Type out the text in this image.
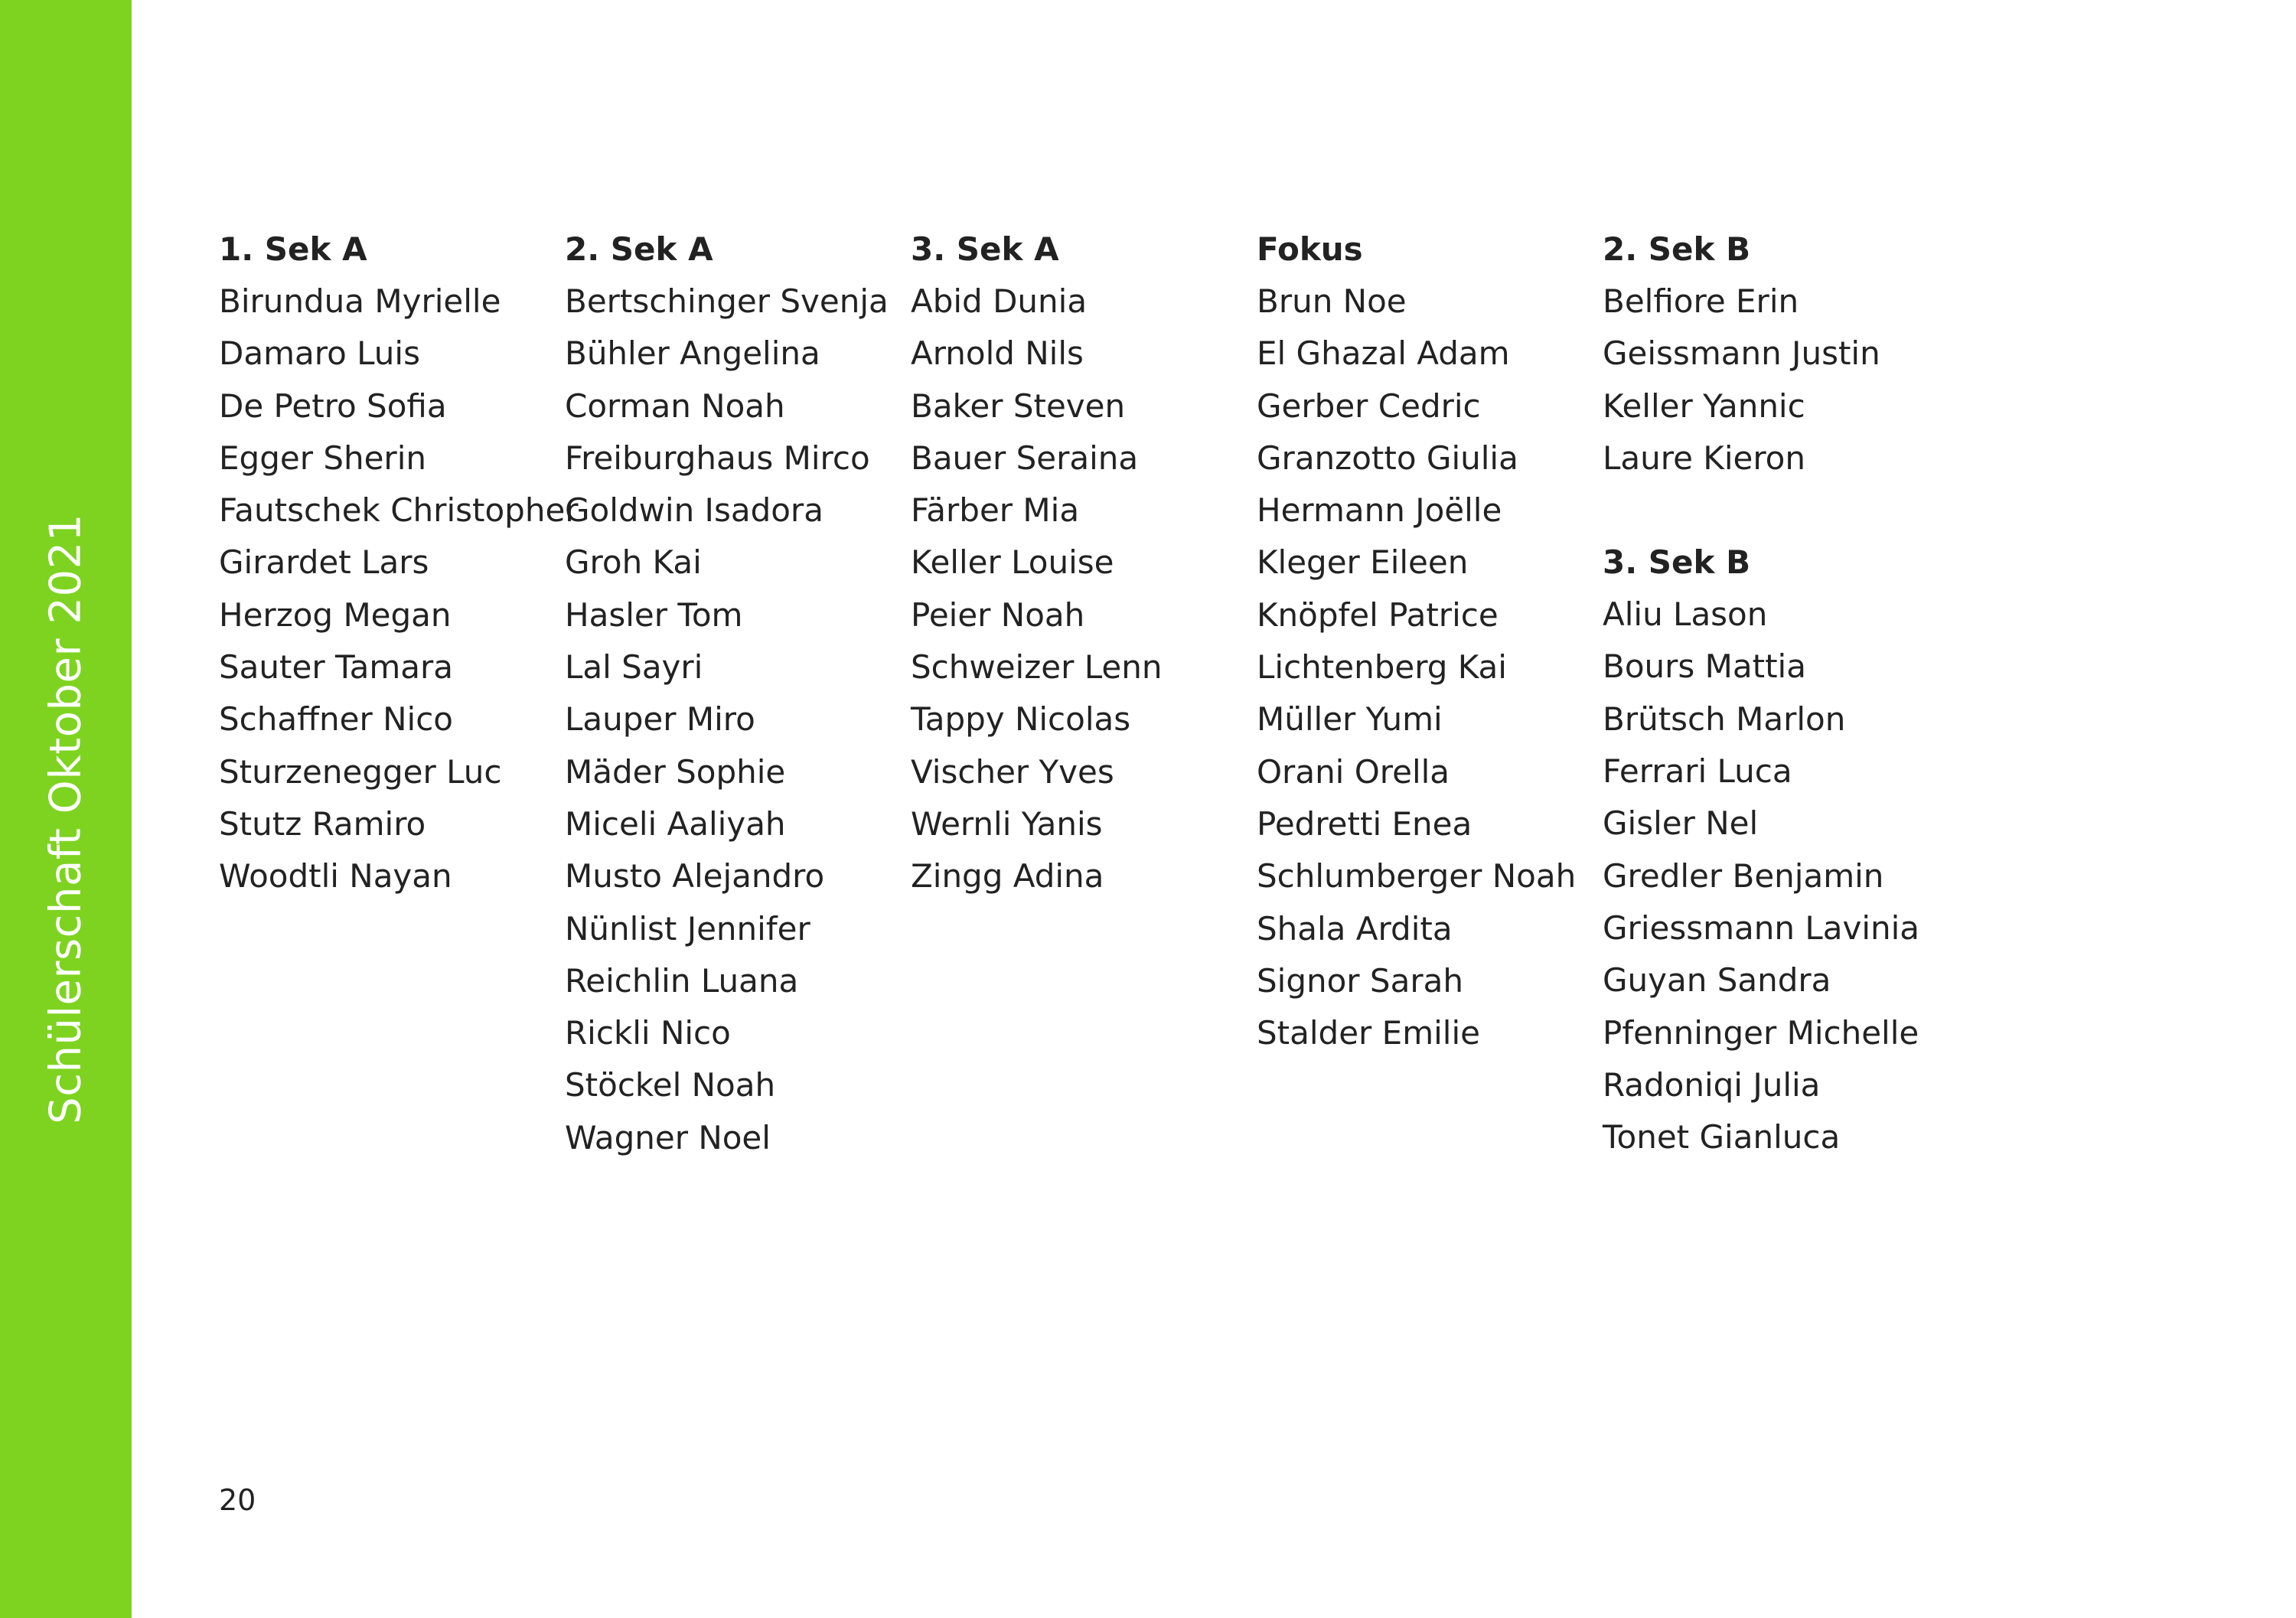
Schülerschaft Oktober 2021
1. Sek A
Birundua Myrielle
Damaro Luis
De Petro Sofia
Egger Sherin
Fautschek Christopher
Girardet Lars
Herzog Megan
Sauter Tamara
Schaffner Nico
Sturzenegger Luc
Stutz Ramiro
Woodtli Nayan
2. Sek A
Bertschinger Svenja
Bühler Angelina
Corman Noah
Freiburghaus Mirco
Goldwin Isadora
Groh Kai
Hasler Tom
Lal Sayri
Lauper Miro
Mäder Sophie
Miceli Aaliyah
Musto Alejandro
Nünlist Jennifer
Reichlin Luana
Rickli Nico
Stöckel Noah
Wagner Noel
3. Sek A
Abid Dunia
Arnold Nils
Baker Steven
Bauer Seraina
Färber Mia
Keller Louise
Peier Noah
Schweizer Lenn
Tappy Nicolas
Vischer Yves
Wernli Yanis
Zingg Adina
Fokus
Brun Noe
El Ghazal Adam
Gerber Cedric
Granzotto Giulia
Hermann Joëlle
Kleger Eileen
Knöpfel Patrice
Lichtenberg Kai
Müller Yumi
Orani Orella
Pedretti Enea
Schlumberger Noah
Shala Ardita
Signor Sarah
Stalder Emilie
2. Sek B
Belfiore Erin
Geissmann Justin
Keller Yannic
Laure Kieron
3. Sek B
Aliu Lason
Bours Mattia
Brütsch Marlon
Ferrari Luca
Gisler Nel
Gredler Benjamin
Griessmann Lavinia
Guyan Sandra
Pfenninger Michelle
Radoniqi Julia
Tonet Gianluca
20
